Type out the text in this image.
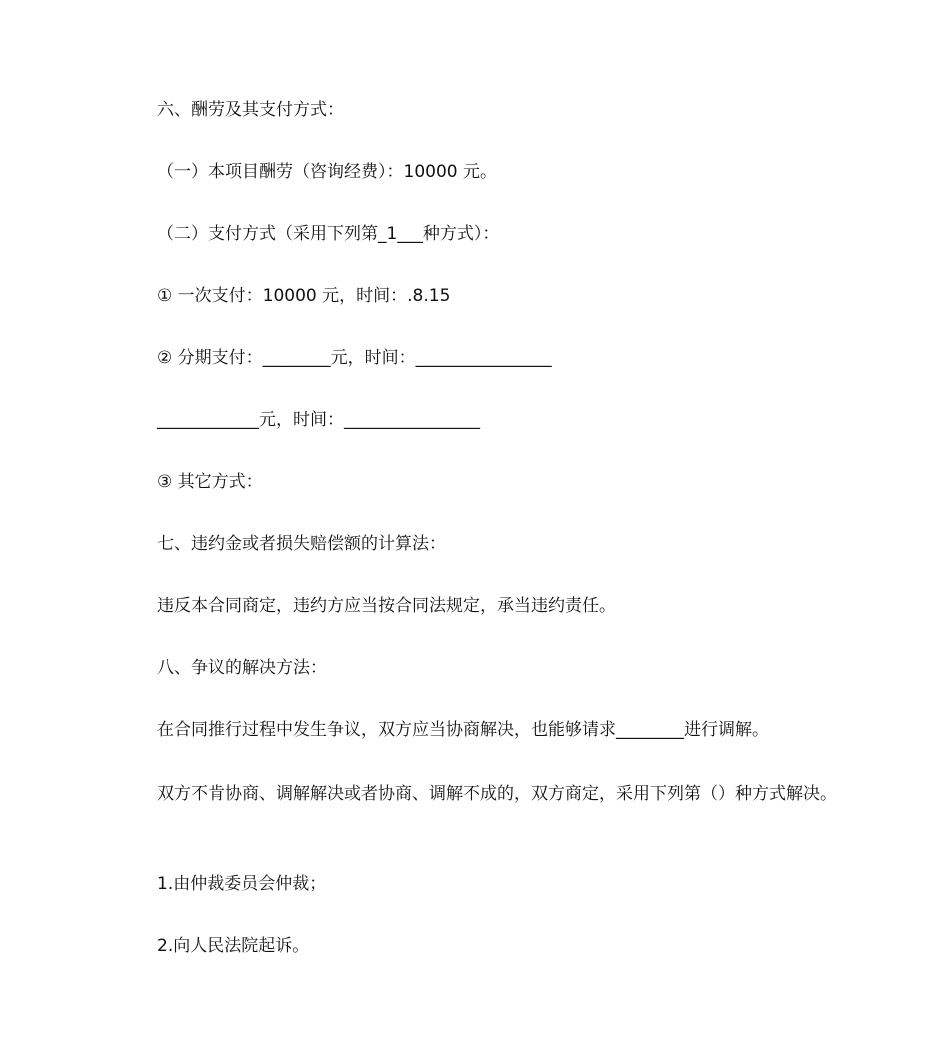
六、酬劳及其支付方式：
（一）本项目酬劳（咨询经费）：10000 元。
（二）支付方式（采用下列第_1___种方式）：
① 一次支付：10000 元，时间：.8.15
② 分期支付：________元，时间：________________
____________元，时间：________________
③ 其它方式：
七、违约金或者损失赔偿额的计算法：
违反本合同商定，违约方应当按合同法规定，承当违约责任。
八、争议的解决方法：
在合同推行过程中发生争议，双方应当协商解决，也能够请求________进行调解。
双方不肯协商、调解解决或者协商、调解不成的，双方商定，采用下列第（）种方式解决。
1.由仲裁委员会仲裁；
2.向人民法院起诉。
